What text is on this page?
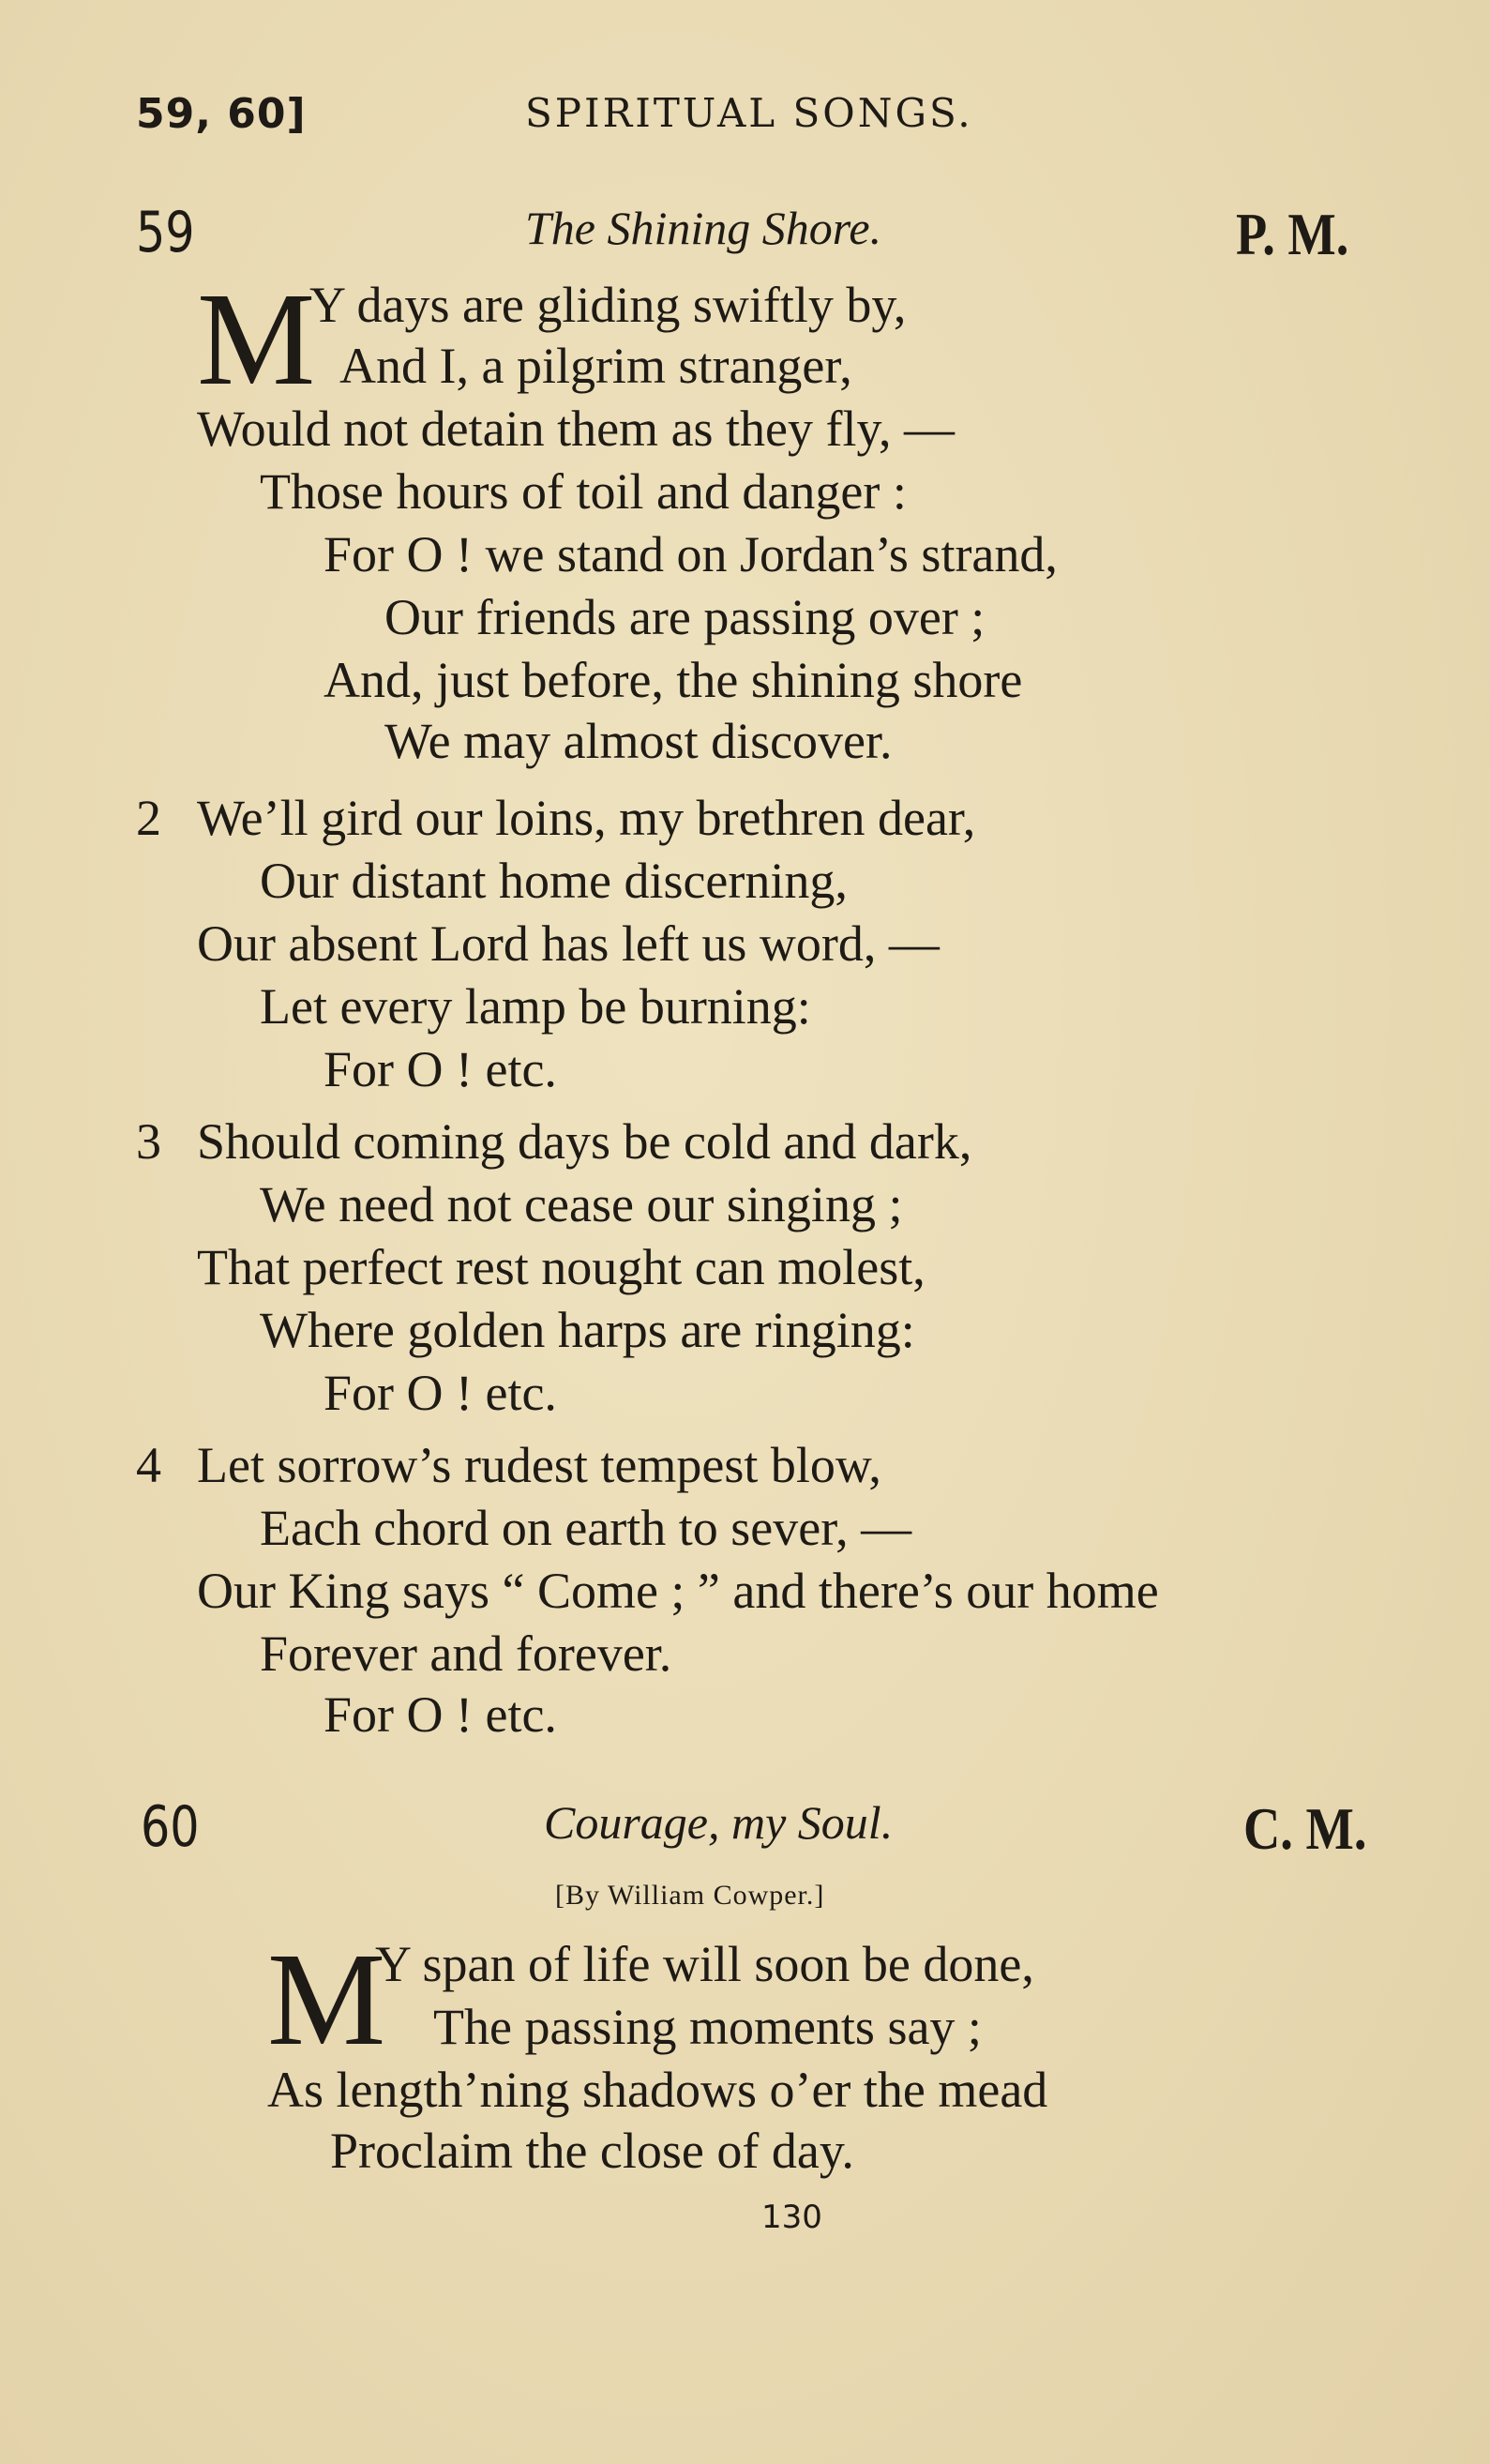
59, 60]	SPIRITUAL SONGS.
59	The Shining Shore.	P. M.
M
Y days are gliding swiftly by,
And I, a pilgrim stranger,
Would not detain them as they fly, —
Those hours of toil and danger :
For O ! we stand on Jordan’s strand,
Our friends are passing over ;
And, just before, the shining shore
We may almost discover.
2 We’ll gird our loins, my brethren dear,
Our distant home discerning,
Our absent Lord has left us word, —
Let every lamp be burning:
For O ! etc.
3 Should coming days be cold and dark,
We need not cease our singing ;
That perfect rest nought can molest,
Where golden harps are ringing:
For O ! etc.
4 Let sorrow’s rudest tempest blow,
Each chord on earth to sever, —
Our King says “ Come ; ” and there’s our home
Forever and forever.
For O ! etc.
60	Courage, my Soul.	C. M.
[By William Cowper.]
M
Y span of life will soon be done,
The passing moments say ;
As length’ning shadows o’er the mead
Proclaim the close of day.
130
